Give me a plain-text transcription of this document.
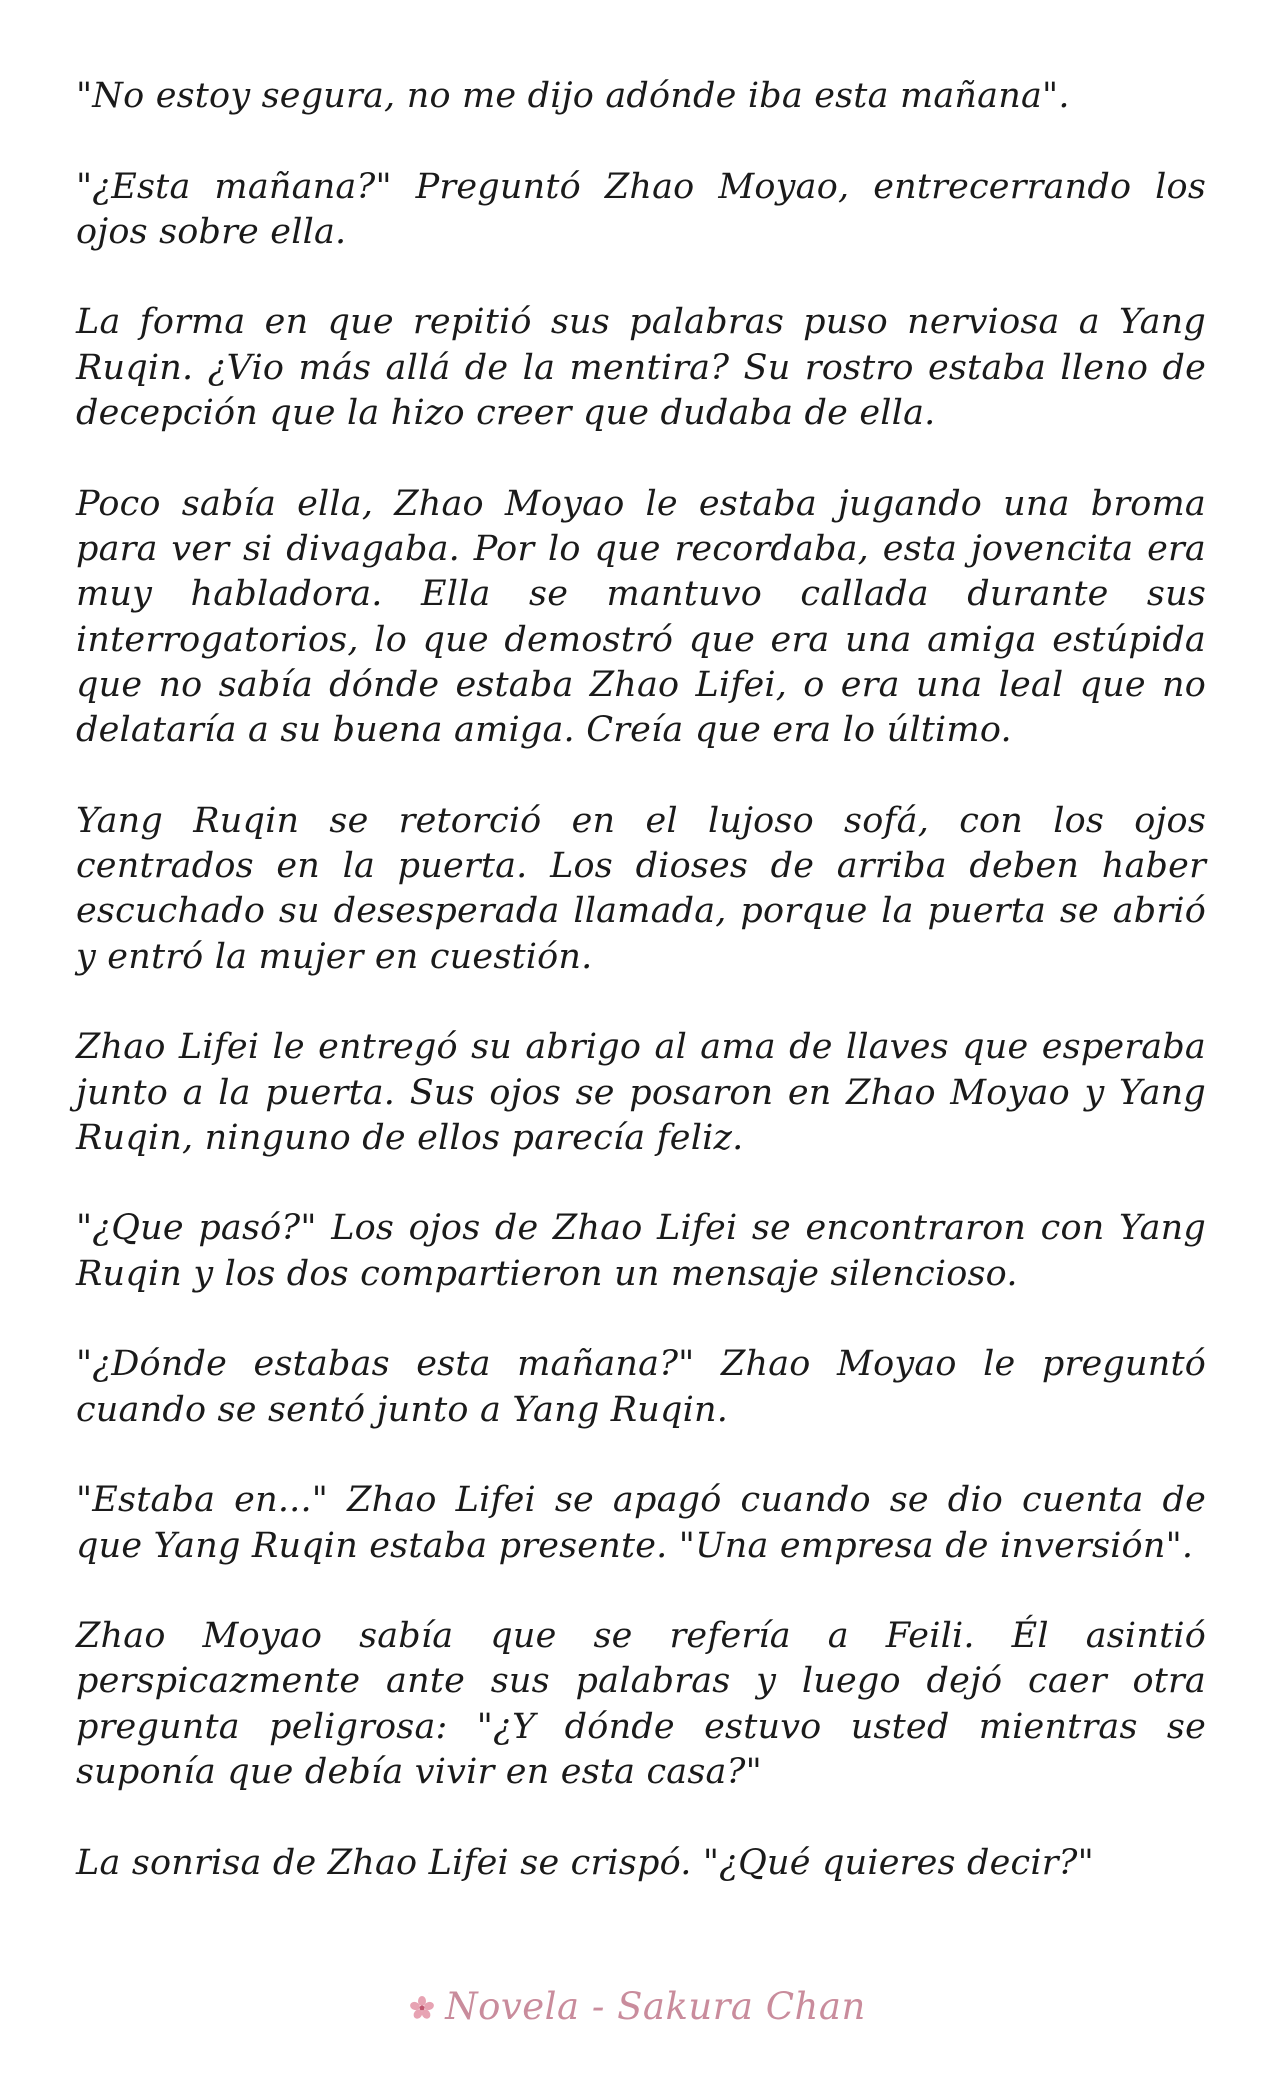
"No estoy segura, no me dijo adónde iba esta mañana".

"¿Esta mañana?" Preguntó Zhao Moyao, entrecerrando los ojos sobre ella.

La forma en que repitió sus palabras puso nerviosa a Yang Ruqin. ¿Vio más allá de la mentira? Su rostro estaba lleno de decepción que la hizo creer que dudaba de ella.

Poco sabía ella, Zhao Moyao le estaba jugando una broma para ver si divagaba. Por lo que recordaba, esta jovencita era muy habladora. Ella se mantuvo callada durante sus interrogatorios, lo que demostró que era una amiga estúpida que no sabía dónde estaba Zhao Lifei, o era una leal que no delataría a su buena amiga. Creía que era lo último.

Yang Ruqin se retorció en el lujoso sofá, con los ojos centrados en la puerta. Los dioses de arriba deben haber escuchado su desesperada llamada, porque la puerta se abrió y entró la mujer en cuestión.

Zhao Lifei le entregó su abrigo al ama de llaves que esperaba junto a la puerta. Sus ojos se posaron en Zhao Moyao y Yang Ruqin, ninguno de ellos parecía feliz.

"¿Que pasó?" Los ojos de Zhao Lifei se encontraron con Yang Ruqin y los dos compartieron un mensaje silencioso.

"¿Dónde estabas esta mañana?" Zhao Moyao le preguntó cuando se sentó junto a Yang Ruqin.

"Estaba en..." Zhao Lifei se apagó cuando se dio cuenta de que Yang Ruqin estaba presente. "Una empresa de inversión".

Zhao Moyao sabía que se refería a Feili. Él asintió perspicazmente ante sus palabras y luego dejó caer otra pregunta peligrosa: "¿Y dónde estuvo usted mientras se suponía que debía vivir en esta casa?"

La sonrisa de Zhao Lifei se crispó. "¿Qué quieres decir?"

Novela - Sakura Chan
